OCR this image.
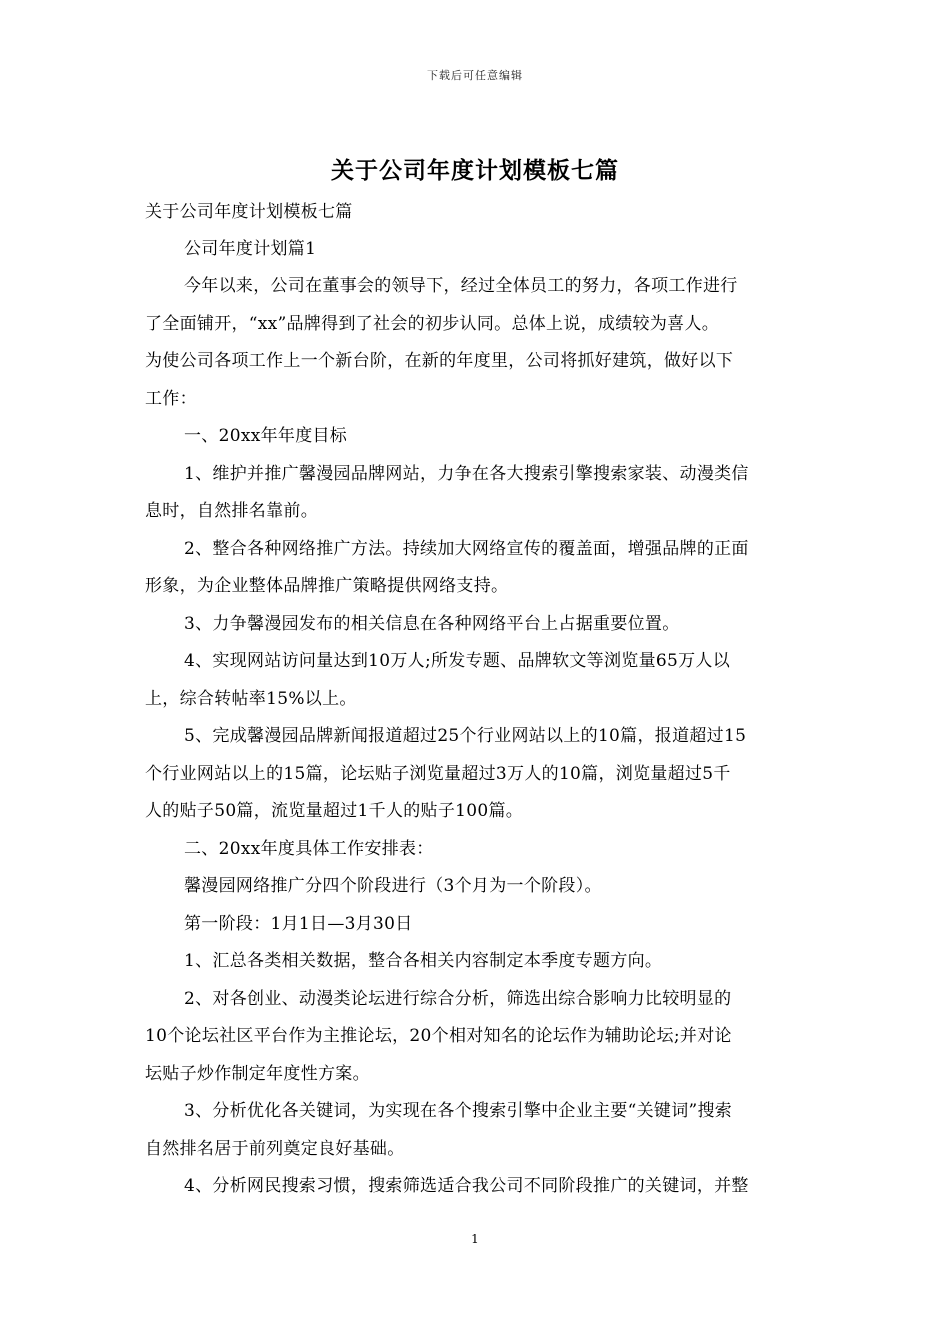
下载后可任意编辑
关于公司年度计划模板七篇
关于公司年度计划模板七篇
公司年度计划篇1
今年以来，公司在董事会的领导下，经过全体员工的努力，各项工作进行
了全面铺开，“xx”品牌得到了社会的初步认同。总体上说，成绩较为喜人。
为使公司各项工作上一个新台阶，在新的年度里，公司将抓好建筑，做好以下
工作：
一、20xx年年度目标
1、维护并推广馨漫园品牌网站，力争在各大搜索引擎搜索家装、动漫类信
息时，自然排名靠前。
2、整合各种网络推广方法。持续加大网络宣传的覆盖面，增强品牌的正面
形象，为企业整体品牌推广策略提供网络支持。
3、力争馨漫园发布的相关信息在各种网络平台上占据重要位置。
4、实现网站访问量达到10万人;所发专题、品牌软文等浏览量65万人以
上，综合转帖率15%以上。
5、完成馨漫园品牌新闻报道超过25个行业网站以上的10篇，报道超过15
个行业网站以上的15篇，论坛贴子浏览量超过3万人的10篇，浏览量超过5千
人的贴子50篇，流览量超过1千人的贴子100篇。
二、20xx年度具体工作安排表：
馨漫园网络推广分四个阶段进行（3个月为一个阶段）。
第一阶段：1月1日—3月30日
1、汇总各类相关数据，整合各相关内容制定本季度专题方向。
2、对各创业、动漫类论坛进行综合分析，筛选出综合影响力比较明显的
10个论坛社区平台作为主推论坛，20个相对知名的论坛作为辅助论坛;并对论
坛贴子炒作制定年度性方案。
3、分析优化各关键词，为实现在各个搜索引擎中企业主要“关键词”搜索
自然排名居于前列奠定良好基础。
4、分析网民搜索习惯，搜索筛选适合我公司不同阶段推广的关键词，并整
1
